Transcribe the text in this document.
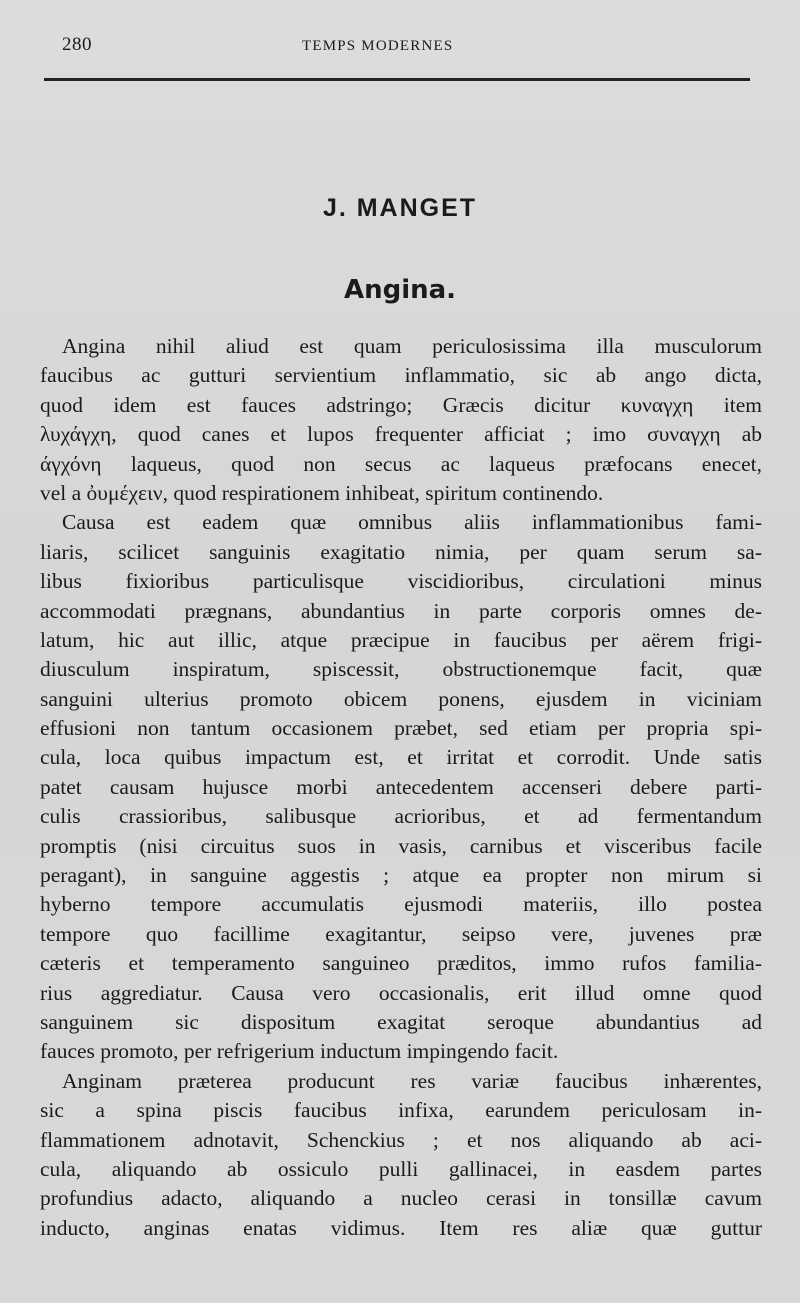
280	TEMPS MODERNES
J. MANGET
Angina.
Angina nihil aliud est quam periculosissima illa musculorum
faucibus ac gutturi servientium inflammatio, sic ab ango dicta,
quod idem est fauces adstringo; Græcis dicitur κυναγχη item
λυχάγχη, quod canes et lupos frequenter afficiat ; imo συναγχη ab
άγχόνη laqueus, quod non secus ac laqueus præfocans enecet,
vel a ὀυμέχειν, quod respirationem inhibeat, spiritum continendo.
Causa est eadem quæ omnibus aliis inflammationibus fami-
liaris, scilicet sanguinis exagitatio nimia, per quam serum sa-
libus fixioribus particulisque viscidioribus, circulationi minus
accommodati prægnans, abundantius in parte corporis omnes de-
latum, hic aut illic, atque præcipue in faucibus per aërem frigi-
diusculum inspiratum, spiscessit, obstructionemque facit, quæ
sanguini ulterius promoto obicem ponens, ejusdem in viciniam
effusioni non tantum occasionem præbet, sed etiam per propria spi-
cula, loca quibus impactum est, et irritat et corrodit. Unde satis
patet causam hujusce morbi antecedentem accenseri debere parti-
culis crassioribus, salibusque acrioribus, et ad fermentandum
promptis (nisi circuitus suos in vasis, carnibus et visceribus facile
peragant), in sanguine aggestis ; atque ea propter non mirum si
hyberno tempore accumulatis ejusmodi materiis, illo postea
tempore quo facillime exagitantur, seipso vere, juvenes præ
cæteris et temperamento sanguineo præditos, immo rufos familia-
rius aggrediatur. Causa vero occasionalis, erit illud omne quod
sanguinem sic dispositum exagitat seroque abundantius ad
fauces promoto, per refrigerium inductum impingendo facit.
Anginam præterea producunt res variæ faucibus inhærentes,
sic a spina piscis faucibus infixa, earundem periculosam in-
flammationem adnotavit, Schenckius ; et nos aliquando ab aci-
cula, aliquando ab ossiculo pulli gallinacei, in easdem partes
profundius adacto, aliquando a nucleo cerasi in tonsillæ cavum
inducto, anginas enatas vidimus. Item res aliæ quæ guttur
